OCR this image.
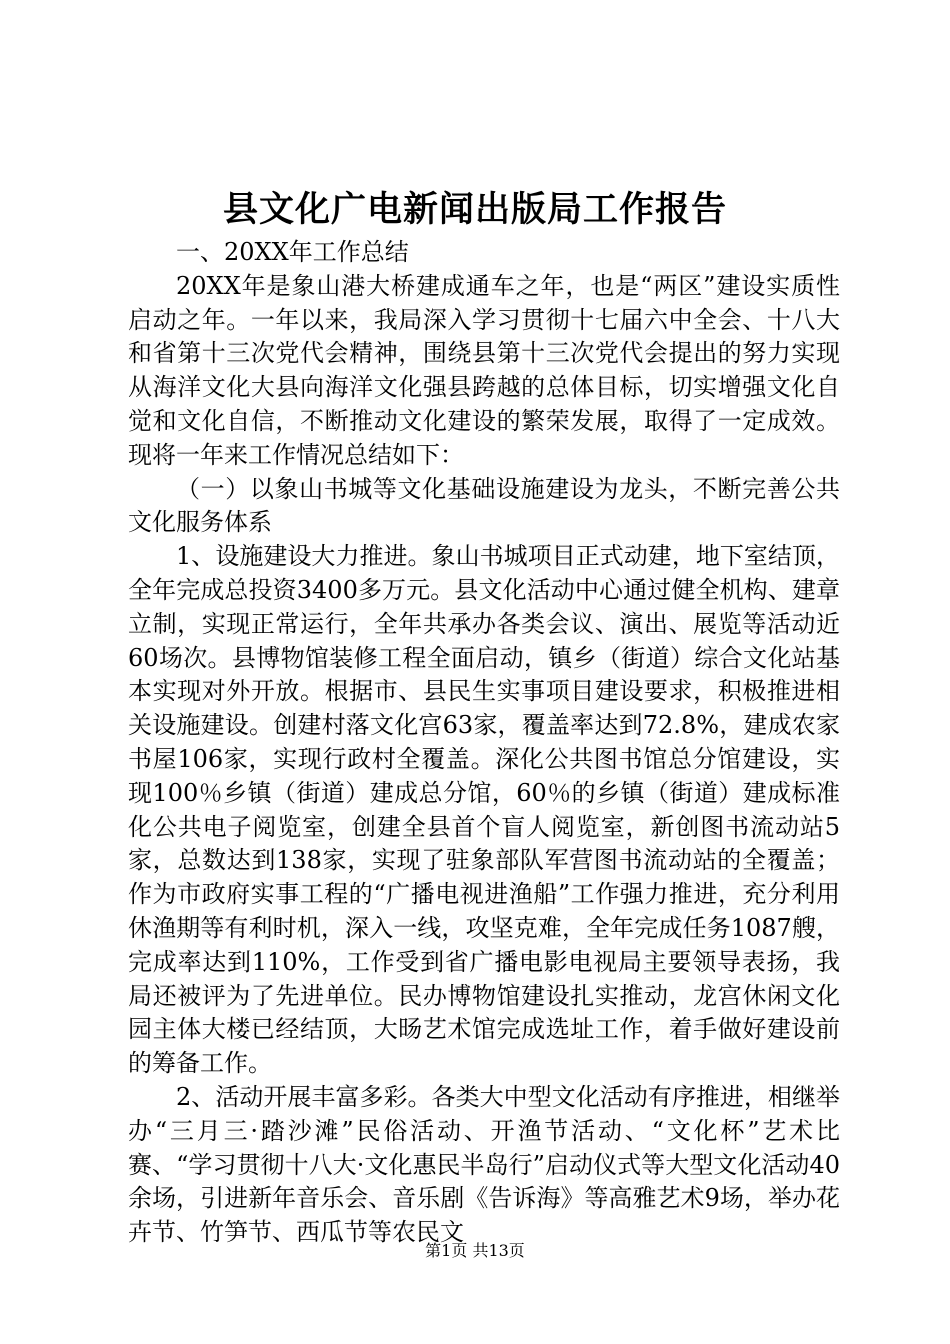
县文化广电新闻出版局工作报告

一、20XX年工作总结

20XX年是象山港大桥建成通车之年，也是“两区”建设实质性启动之年。一年以来，我局深入学习贯彻十七届六中全会、十八大和省第十三次党代会精神，围绕县第十三次党代会提出的努力实现从海洋文化大县向海洋文化强县跨越的总体目标，切实增强文化自觉和文化自信，不断推动文化建设的繁荣发展，取得了一定成效。现将一年来工作情况总结如下：

（一）以象山书城等文化基础设施建设为龙头，不断完善公共文化服务体系

1、设施建设大力推进。象山书城项目正式动建，地下室结顶，全年完成总投资3400多万元。县文化活动中心通过健全机构、建章立制，实现正常运行，全年共承办各类会议、演出、展览等活动近60场次。县博物馆装修工程全面启动，镇乡（街道）综合文化站基本实现对外开放。根据市、县民生实事项目建设要求，积极推进相关设施建设。创建村落文化宫63家，覆盖率达到72.8%，建成农家书屋106家，实现行政村全覆盖。深化公共图书馆总分馆建设，实现100％乡镇（街道）建成总分馆，60％的乡镇（街道）建成标准化公共电子阅览室，创建全县首个盲人阅览室，新创图书流动站5家，总数达到138家，实现了驻象部队军营图书流动站的全覆盖；作为市政府实事工程的“广播电视进渔船”工作强力推进，充分利用休渔期等有利时机，深入一线，攻坚克难，全年完成任务1087艘，完成率达到110%，工作受到省广播电影电视局主要领导表扬，我局还被评为了先进单位。民办博物馆建设扎实推动，龙宫休闲文化园主体大楼已经结顶，大旸艺术馆完成选址工作，着手做好建设前的筹备工作。

2、活动开展丰富多彩。各类大中型文化活动有序推进，相继举办“三月三·踏沙滩”民俗活动、开渔节活动、“文化杯”艺术比赛、“学习贯彻十八大·文化惠民半岛行”启动仪式等大型文化活动40余场，引进新年音乐会、音乐剧《告诉海》等高雅艺术9场，举办花卉节、竹笋节、西瓜节等农民文

第1页 共13页
